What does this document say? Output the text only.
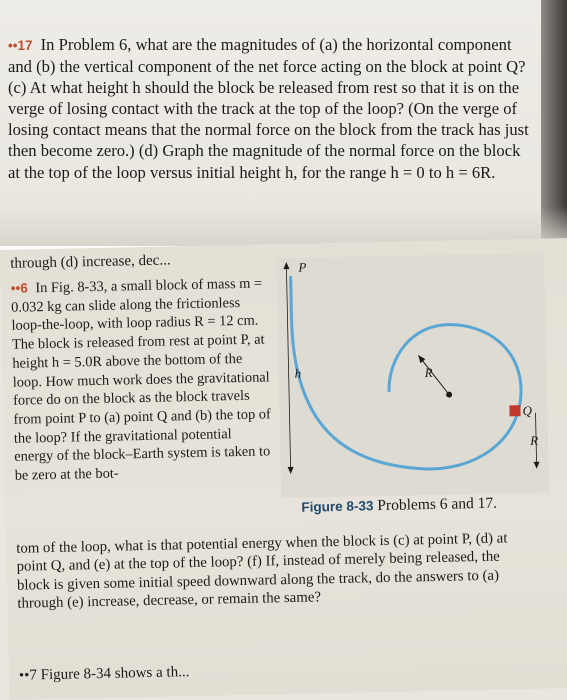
••17 In Problem 6, what are the magnitudes of (a) the horizontal component and (b) the vertical component of the net force acting on the block at point Q? (c) At what height h should the block be released from rest so that it is on the verge of losing contact with the track at the top of the loop? (On the verge of losing contact means that the normal force on the block from the track has just then become zero.) (d) Graph the magnitude of the normal force on the block at the top of the loop versus initial height h, for the range h = 0 to h = 6R.

through (d) increase, dec...

••6 In Fig. 8-33, a small block of mass m = 0.032 kg can slide along the frictionless loop-the-loop, with loop radius R = 12 cm. The block is released from rest at point P, at height h = 5.0R above the bottom of the loop. How much work does the gravitational force do on the block as the block travels from point P to (a) point Q and (b) the top of the loop? If the gravitational potential energy of the block–Earth system is taken to be zero at the bot-

P
h	R
Q
R

Figure 8-33 Problems 6 and 17.

tom of the loop, what is that potential energy when the block is (c) at point P, (d) at point Q, and (e) at the top of the loop? (f) If, instead of merely being released, the block is given some initial speed downward along the track, do the answers to (a) through (e) increase, decrease, or remain the same?

••7 Figure 8-34 shows a th...
